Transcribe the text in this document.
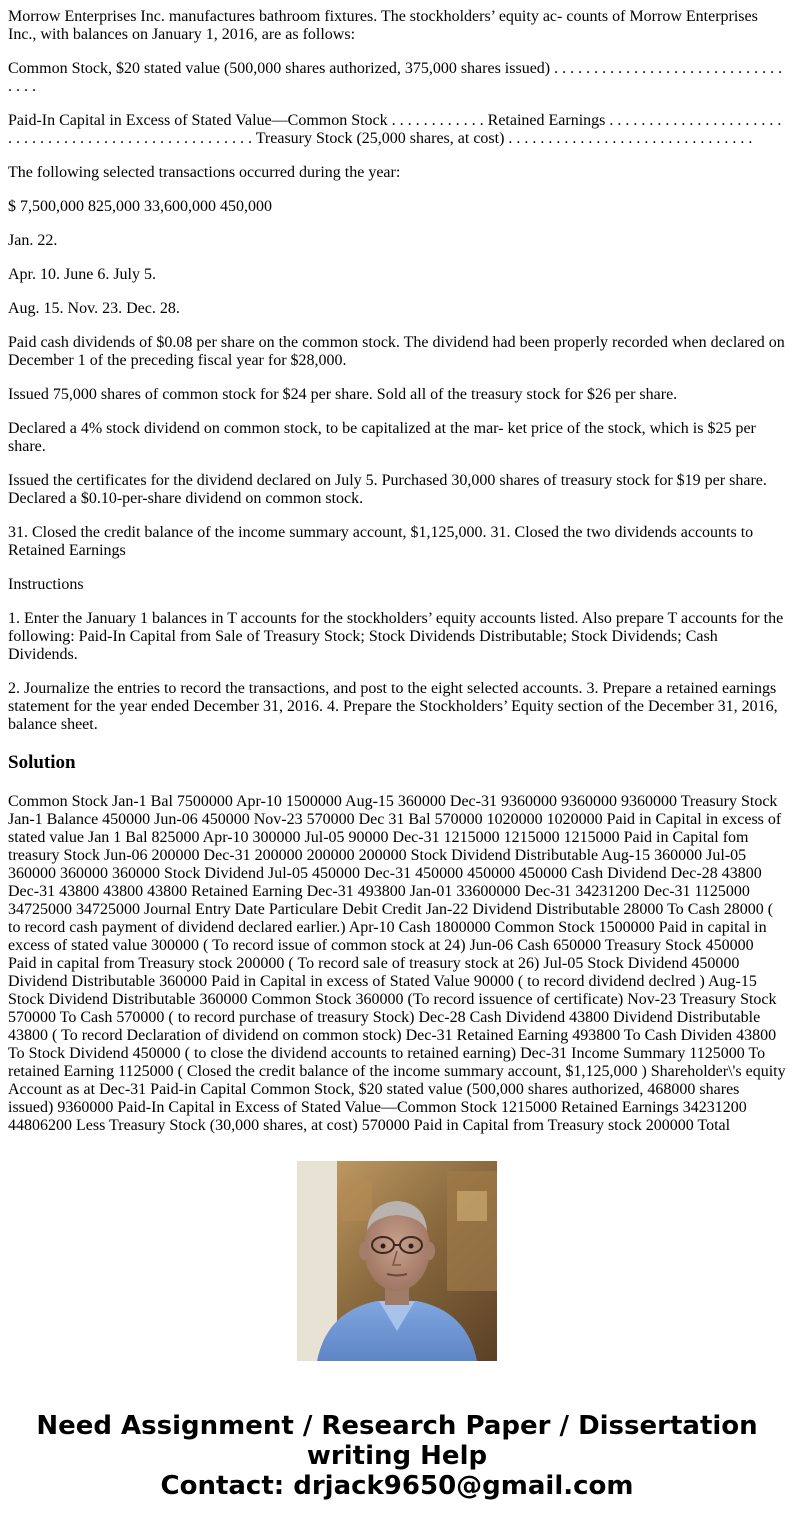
Morrow Enterprises Inc. manufactures bathroom fixtures. The stockholders’ equity ac- counts of Morrow Enterprises Inc., with balances on January 1, 2016, are as follows:

Common Stock, $20 stated value (500,000 shares authorized, 375,000 shares issued) . . . . . . . . . . . . . . . . . . . . . . . . . . . . . . . . .

Paid-In Capital in Excess of Stated Value—Common Stock . . . . . . . . . . . . Retained Earnings . . . . . . . . . . . . . . . . . . . . . . . . . . . . . . . . . . . . . . . . . . . . . . . . . . . . . Treasury Stock (25,000 shares, at cost) . . . . . . . . . . . . . . . . . . . . . . . . . . . . . . .

The following selected transactions occurred during the year:

$ 7,500,000 825,000 33,600,000 450,000

Jan. 22.

Apr. 10. June 6. July 5.

Aug. 15. Nov. 23. Dec. 28.

Paid cash dividends of $0.08 per share on the common stock. The dividend had been properly recorded when declared on December 1 of the preceding fiscal year for $28,000.

Issued 75,000 shares of common stock for $24 per share. Sold all of the treasury stock for $26 per share.

Declared a 4% stock dividend on common stock, to be capitalized at the mar- ket price of the stock, which is $25 per share.

Issued the certificates for the dividend declared on July 5. Purchased 30,000 shares of treasury stock for $19 per share. Declared a $0.10-per-share dividend on common stock.

31. Closed the credit balance of the income summary account, $1,125,000. 31. Closed the two dividends accounts to Retained Earnings

Instructions

1. Enter the January 1 balances in T accounts for the stockholders’ equity accounts listed. Also prepare T accounts for the following: Paid-In Capital from Sale of Treasury Stock; Stock Dividends Distributable; Stock Dividends; Cash Dividends.

2. Journalize the entries to record the transactions, and post to the eight selected accounts. 3. Prepare a retained earnings statement for the year ended December 31, 2016. 4. Prepare the Stockholders’ Equity section of the December 31, 2016, balance sheet.

Solution

Common Stock Jan-1 Bal 7500000 Apr-10 1500000 Aug-15 360000 Dec-31 9360000 9360000 9360000 Treasury Stock Jan-1 Balance 450000 Jun-06 450000 Nov-23 570000 Dec 31 Bal 570000 1020000 1020000 Paid in Capital in excess of stated value Jan 1 Bal 825000 Apr-10 300000 Jul-05 90000 Dec-31 1215000 1215000 1215000 Paid in Capital fom treasury Stock Jun-06 200000 Dec-31 200000 200000 200000 Stock Dividend Distributable Aug-15 360000 Jul-05 360000 360000 360000 Stock Dividend Jul-05 450000 Dec-31 450000 450000 450000 Cash Dividend Dec-28 43800 Dec-31 43800 43800 43800 Retained Earning Dec-31 493800 Jan-01 33600000 Dec-31 34231200 Dec-31 1125000 34725000 34725000 Journal Entry Date Particulare Debit Credit Jan-22 Dividend Distributable 28000 To Cash 28000 ( to record cash payment of dividend declared earlier.) Apr-10 Cash 1800000 Common Stock 1500000 Paid in capital in excess of stated value 300000 ( To record issue of common stock at 24) Jun-06 Cash 650000 Treasury Stock 450000 Paid in capital from Treasury stock 200000 ( To record sale of treasury stock at 26) Jul-05 Stock Dividend 450000 Dividend Distributable 360000 Paid in Capital in excess of Stated Value 90000 ( to record dividend declred ) Aug-15 Stock Dividend Distributable 360000 Common Stock 360000 (To record issuence of certificate) Nov-23 Treasury Stock 570000 To Cash 570000 ( to record purchase of treasury Stock) Dec-28 Cash Dividend 43800 Dividend Distributable 43800 ( To record Declaration of dividend on common stock) Dec-31 Retained Earning 493800 To Cash Dividen 43800 To Stock Dividend 450000 ( to close the dividend accounts to retained earning) Dec-31 Income Summary 1125000 To retained Earning 1125000 ( Closed the credit balance of the income summary account, $1,125,000 ) Shareholder\'s equity Account as at Dec-31 Paid-in Capital Common Stock, $20 stated value (500,000 shares authorized, 468000 shares issued) 9360000 Paid-In Capital in Excess of Stated Value—Common Stock 1215000 Retained Earnings 34231200 44806200 Less Treasury Stock (30,000 shares, at cost) 570000 Paid in Capital from Treasury stock 200000 Total

Need Assignment / Research Paper / Dissertation
writing Help
Contact: drjack9650@gmail.com
